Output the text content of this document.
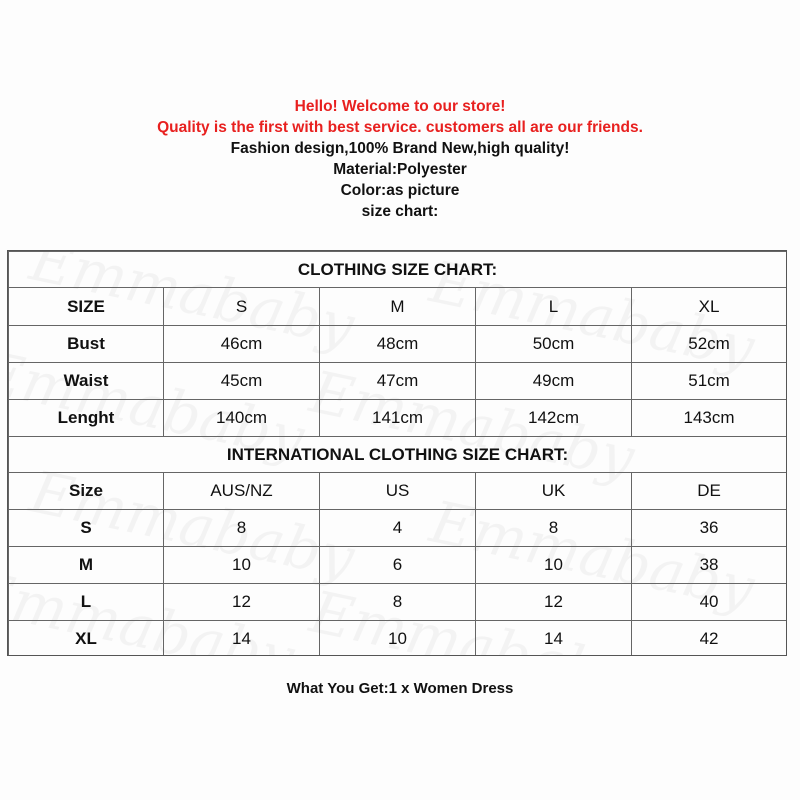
Hello! Welcome to our store!
Quality is the first with best service. customers all are our friends.
Fashion design,100% Brand New,high quality!
Material:Polyester
Color:as picture
size chart:
CLOTHING SIZE CHART:				
SIZE	S	M	L	XL
Bust	46cm	48cm	50cm	52cm
Waist	45cm	47cm	49cm	51cm
Lenght	140cm	141cm	142cm	143cm
INTERNATIONAL CLOTHING SIZE CHART:				
Size	AUS/NZ	US	UK	DE
S	8	4	8	36
M	10	6	10	38
L	12	8	12	40
XL	14	10	14	42
What You Get:1 x Women Dress
